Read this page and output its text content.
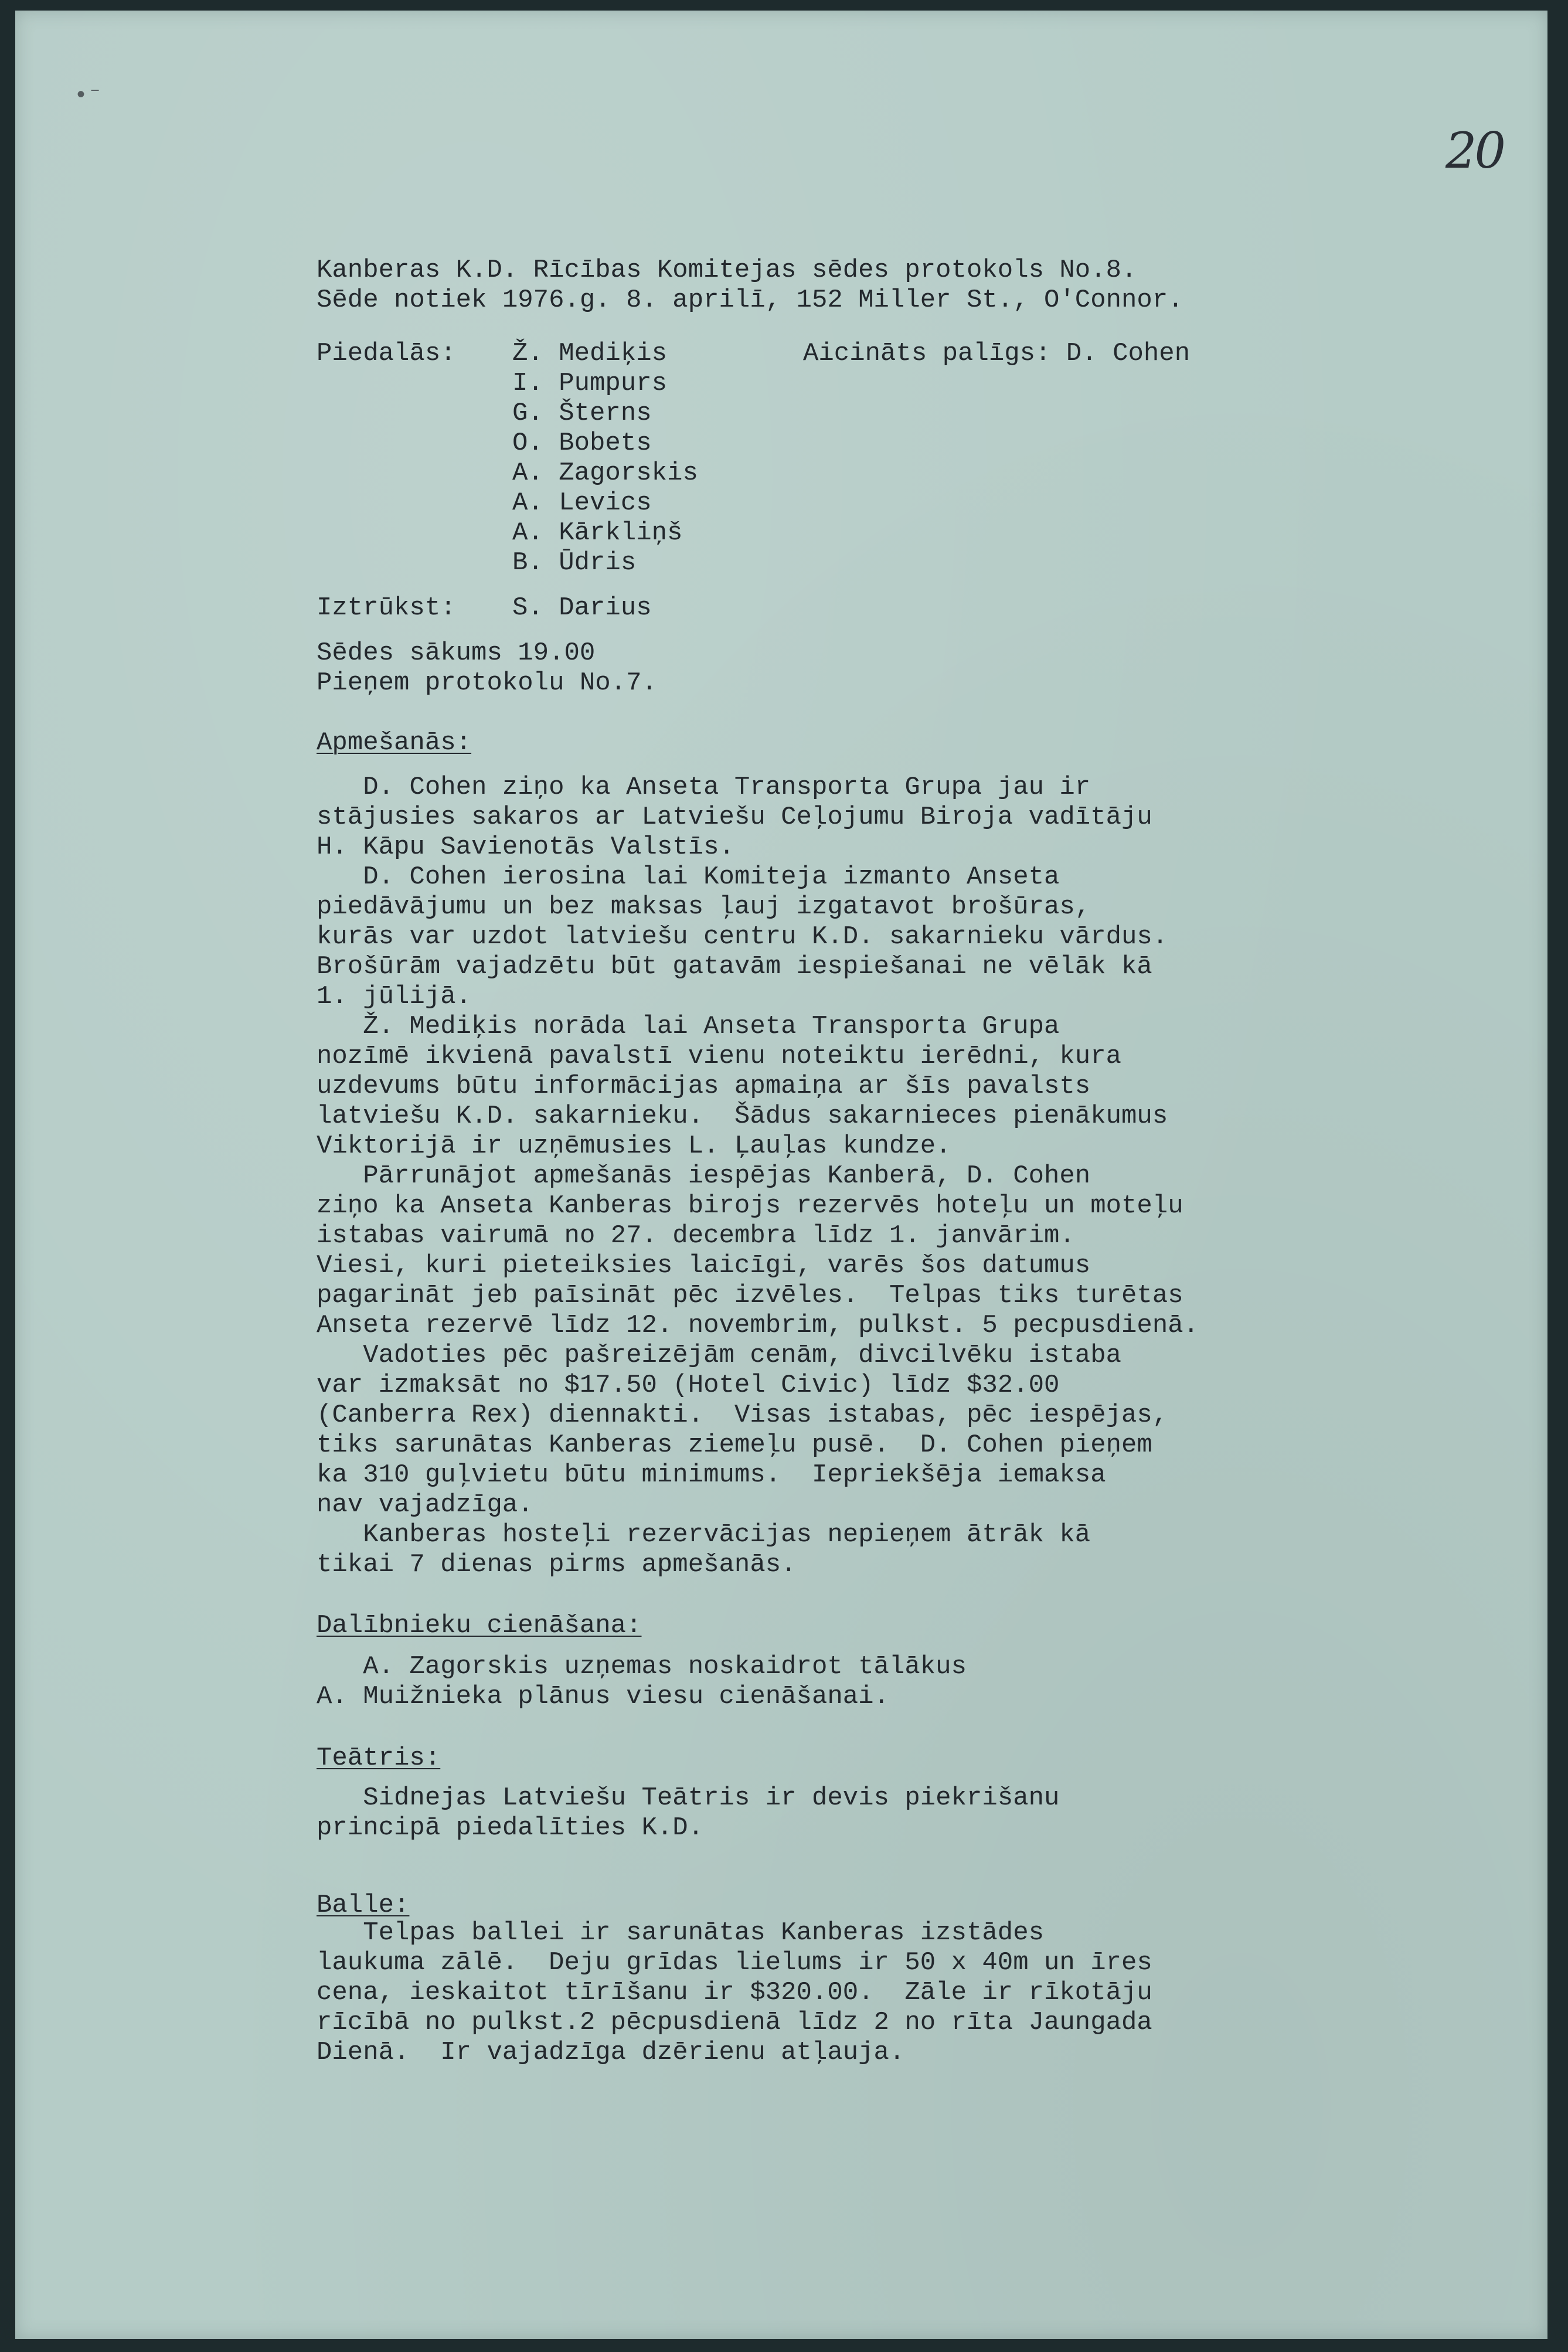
•⁻

20

Kanberas K.D. Rīcības Komitejas sēdes protokols No.8.

Sēde notiek 1976.g. 8. aprilī, 152 Miller St., O'Connor.

Piedalās:	Aicināts palīgs: D. Cohen

Ž. Mediķis

I. Pumpurs

G. Šterns

O. Bobets

A. Zagorskis

A. Levics

A. Kārkliņš

B. Ūdris

Iztrūkst: S. Darius

Sēdes sākums 19.00

Pieņem protokolu No.7.

Apmešanās:

D. Cohen ziņo ka Anseta Transporta Grupa jau ir

stājusies sakaros ar Latviešu Ceļojumu Biroja vadītāju

H. Kāpu Savienotās Valstīs.

D. Cohen ierosina lai Komiteja izmanto Anseta

piedāvājumu un bez maksas ļauj izgatavot brošūras,

kurās var uzdot latviešu centru K.D. sakarnieku vārdus.

Brošūrām vajadzētu būt gatavām iespiešanai ne vēlāk kā

1. jūlijā.

Ž. Mediķis norāda lai Anseta Transporta Grupa

nozīmē ikvienā pavalstī vienu noteiktu ierēdni, kura

uzdevums būtu informācijas apmaiņa ar šīs pavalsts

latviešu K.D. sakarnieku.  Šādus sakarnieces pienākumus

Viktorijā ir uzņēmusies L. Ļauļas kundze.

Pārrunājot apmešanās iespējas Kanberā, D. Cohen

ziņo ka Anseta Kanberas birojs rezervēs hoteļu un moteļu

istabas vairumā no 27. decembra līdz 1. janvārim.

Viesi, kuri pieteiksies laicīgi, varēs šos datumus

pagarināt jeb paīsināt pēc izvēles.  Telpas tiks turētas

Anseta rezervē līdz 12. novembrim, pulkst. 5 pecpusdienā.

Vadoties pēc pašreizējām cenām, divcilvēku istaba

var izmaksāt no $17.50 (Hotel Civic) līdz $32.00

(Canberra Rex) diennakti.  Visas istabas, pēc iespējas,

tiks sarunātas Kanberas ziemeļu pusē.  D. Cohen pieņem

ka 310 guļvietu būtu minimums.  Iepriekšēja iemaksa

nav vajadzīga.

Kanberas hosteļi rezervācijas nepieņem ātrāk kā

tikai 7 dienas pirms apmešanās.

Dalībnieku cienāšana:

A. Zagorskis uzņemas noskaidrot tālākus

A. Muižnieka plānus viesu cienāšanai.

Teātris:

Sidnejas Latviešu Teātris ir devis piekrišanu

principā piedalīties K.D.

Balle:

Telpas ballei ir sarunātas Kanberas izstādes

laukuma zālē.  Deju grīdas lielums ir 50 x 40m un īres

cena, ieskaitot tīrīšanu ir $320.00.  Zāle ir rīkotāju

rīcībā no pulkst.2 pēcpusdienā līdz 2 no rīta Jaungada

Dienā.  Ir vajadzīga dzērienu atļauja.
